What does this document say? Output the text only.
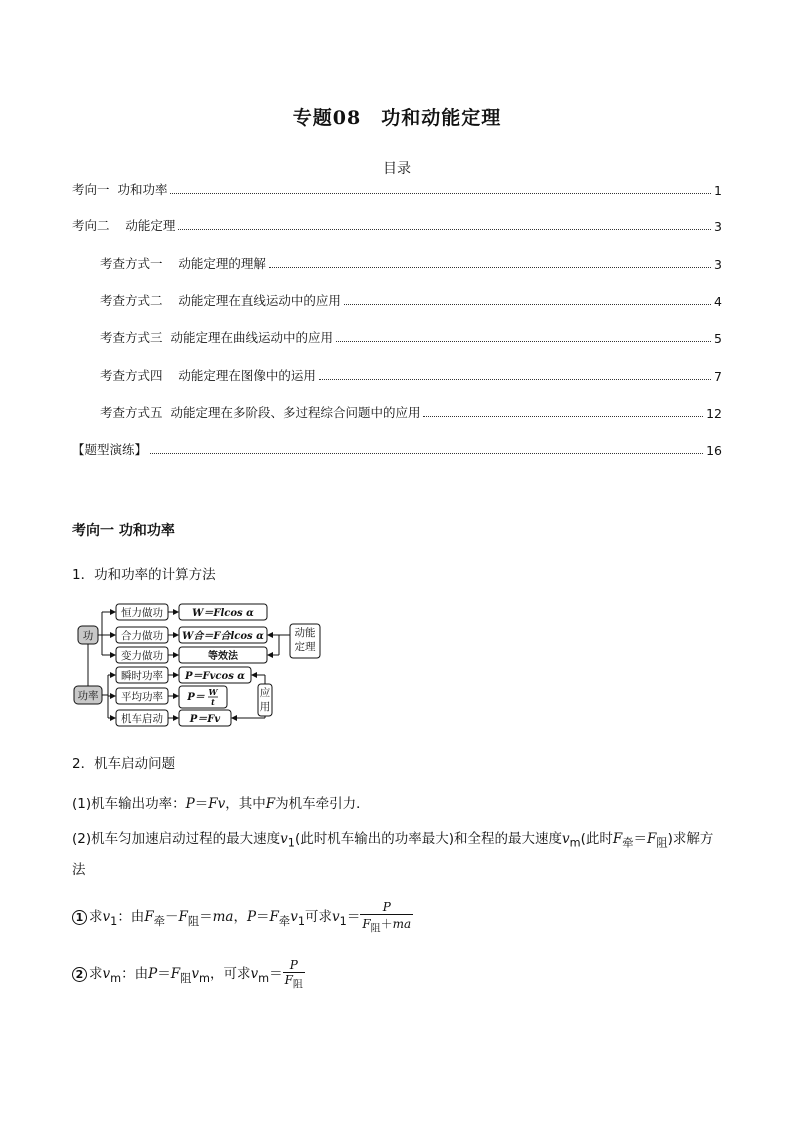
专题08　功和动能定理
目录
考向一  功和功率	1
考向二    动能定理	3
考查方式一    动能定理的理解	3
考查方式二    动能定理在直线运动中的应用	4
考查方式三  动能定理在曲线运动中的应用	5
考查方式四    动能定理在图像中的运用	7
考查方式五  动能定理在多阶段、多过程综合问题中的应用	12
【题型演练】	16
考向一 功和功率
1．功和功率的计算方法
功
功率
恒力做功
合力做功
变力做功
瞬时功率
平均功率
机车启动
W＝Flcos α
W合＝F合lcos α
等效法
P＝Fvcos α
P＝ W
t
P＝Fv
动能定理
应用
2．机车启动问题
(1)机车输出功率：P＝Fv，其中F为机车牵引力．
(2)机车匀加速启动过程的最大速度$v_1$(此时机车输出的功率最大)和全程的最大速度$v_m$(此时$F_牵=F_阻$)求解方法
1 求$v_1$：由$F_牵-F_阻=ma$，$P=F_牵v_1$可求$v_1= \frac{P}{F_阻+ma}$
2 求$v_m$：由$P=F_阻v_m$，可求$v_m= \frac{P}{F_阻}$
